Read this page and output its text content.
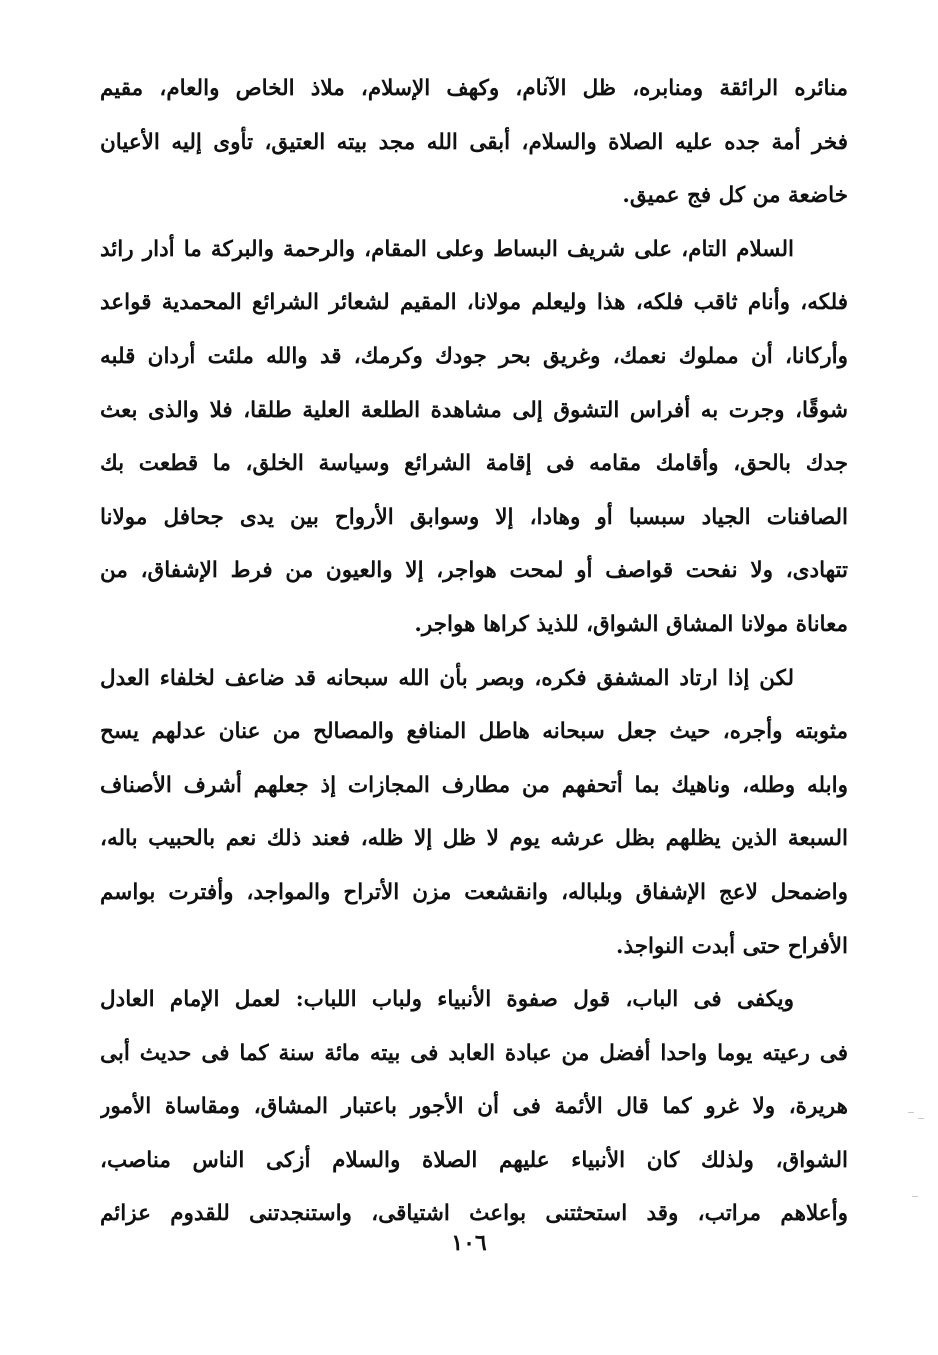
منائره الرائقة ومنابره، ظل الآنام، وكهف الإسلام، ملاذ الخاص والعام، مقيم
فخر أمة جده عليه الصلاة والسلام، أبقى الله مجد بيته العتيق، تأوى إليه الأعيان
خاضعة من كل فج عميق.
السلام التام، على شريف البساط وعلى المقام، والرحمة والبركة ما أدار رائد
فلكه، وأنام ثاقب فلكه، هذا وليعلم مولانا، المقيم لشعائر الشرائع المحمدية قواعد
وأركانا، أن مملوك نعمك، وغريق بحر جودك وكرمك، قد والله ملئت أردان قلبه
شوقًا، وجرت به أفراس التشوق إلى مشاهدة الطلعة العلية طلقا، فلا والذى بعث
جدك بالحق، وأقامك مقامه فى إقامة الشرائع وسياسة الخلق، ما قطعت بك
الصافنات الجياد سبسبا أو وهادا، إلا وسوابق الأرواح بين يدى جحافل مولانا
تتهادى، ولا نفحت قواصف أو لمحت هواجر، إلا والعيون من فرط الإشفاق، من
معاناة مولانا المشاق الشواق، للذيذ كراها هواجر.
لكن إذا ارتاد المشفق فكره، وبصر بأن الله سبحانه قد ضاعف لخلفاء العدل
مثوبته وأجره، حيث جعل سبحانه هاطل المنافع والمصالح من عنان عدلهم يسح
وابله وطله، وناهيك بما أتحفهم من مطارف المجازات إذ جعلهم أشرف الأصناف
السبعة الذين يظلهم بظل عرشه يوم لا ظل إلا ظله، فعند ذلك نعم بالحبيب باله،
واضمحل لاعج الإشفاق وبلباله، وانقشعت مزن الأتراح والمواجد، وأفترت بواسم
الأفراح حتى أبدت النواجذ.
ويكفى فى الباب، قول صفوة الأنبياء ولباب اللباب: لعمل الإمام العادل
فى رعيته يوما واحدا أفضل من عبادة العابد فى بيته مائة سنة كما فى حديث أبى
هريرة، ولا غرو كما قال الأئمة فى أن الأجور باعتبار المشاق، ومقاساة الأمور
الشواق، ولذلك كان الأنبياء عليهم الصلاة والسلام أزكى الناس مناصب،
وأعلاهم مراتب، وقد استحثتنى بواعث اشتياقى، واستنجدتنى للقدوم عزائم
١٠٦
